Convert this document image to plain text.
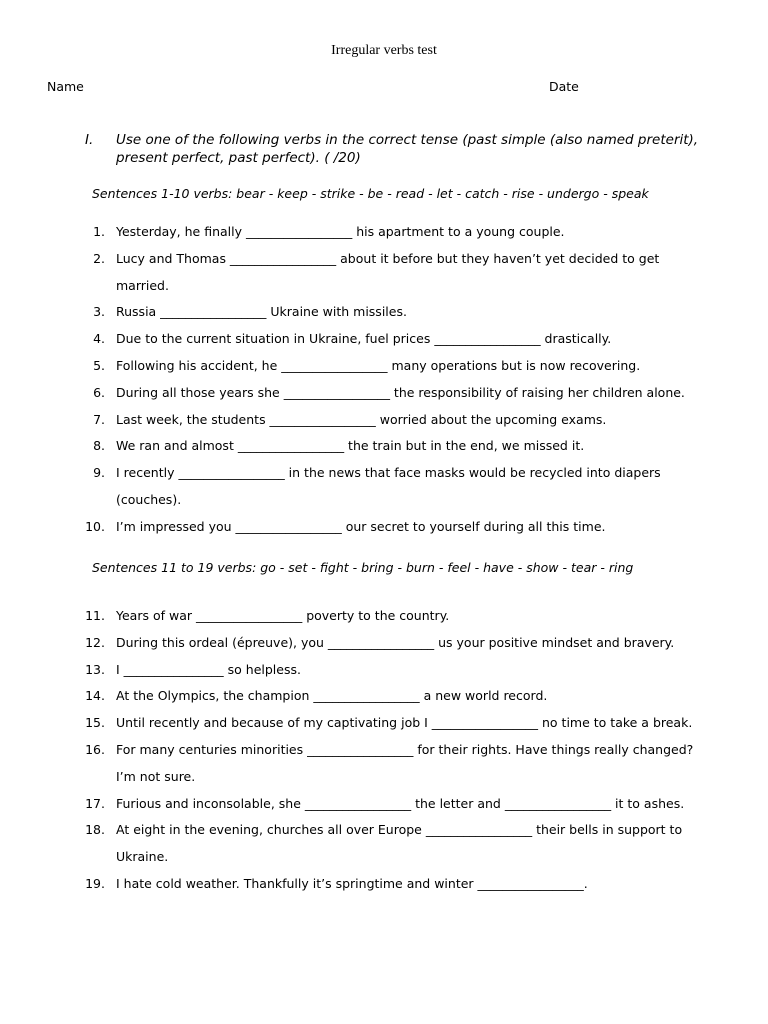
Irregular verbs test
Name	Date
I. Use one of the following verbs in the correct tense (past simple (also named preterit), present perfect, past perfect). ( /20)
Sentences 1-10 verbs: bear - keep - strike - be - read - let - catch - rise - undergo - speak
1. Yesterday, he finally _________________ his apartment to a young couple.
2. Lucy and Thomas _________________ about it before but they haven’t yet decided to get married.
3. Russia _________________ Ukraine with missiles.
4. Due to the current situation in Ukraine, fuel prices _________________ drastically.
5. Following his accident, he _________________ many operations but is now recovering.
6. During all those years she _________________ the responsibility of raising her children alone.
7. Last week, the students _________________ worried about the upcoming exams.
8. We ran and almost _________________ the train but in the end, we missed it.
9. I recently _________________ in the news that face masks would be recycled into diapers (couches).
10. I’m impressed you _________________ our secret to yourself during all this time.
Sentences 11 to 19 verbs: go - set - fight - bring - burn - feel - have - show - tear - ring
11. Years of war _________________ poverty to the country.
12. During this ordeal (épreuve), you _________________ us your positive mindset and bravery.
13. I ________________ so helpless.
14. At the Olympics, the champion _________________ a new world record.
15. Until recently and because of my captivating job I _________________ no time to take a break.
16. For many centuries minorities _________________ for their rights. Have things really changed? I’m not sure.
17. Furious and inconsolable, she _________________ the letter and _________________ it to ashes.
18. At eight in the evening, churches all over Europe _________________ their bells in support to Ukraine.
19. I hate cold weather. Thankfully it’s springtime and winter _________________.
